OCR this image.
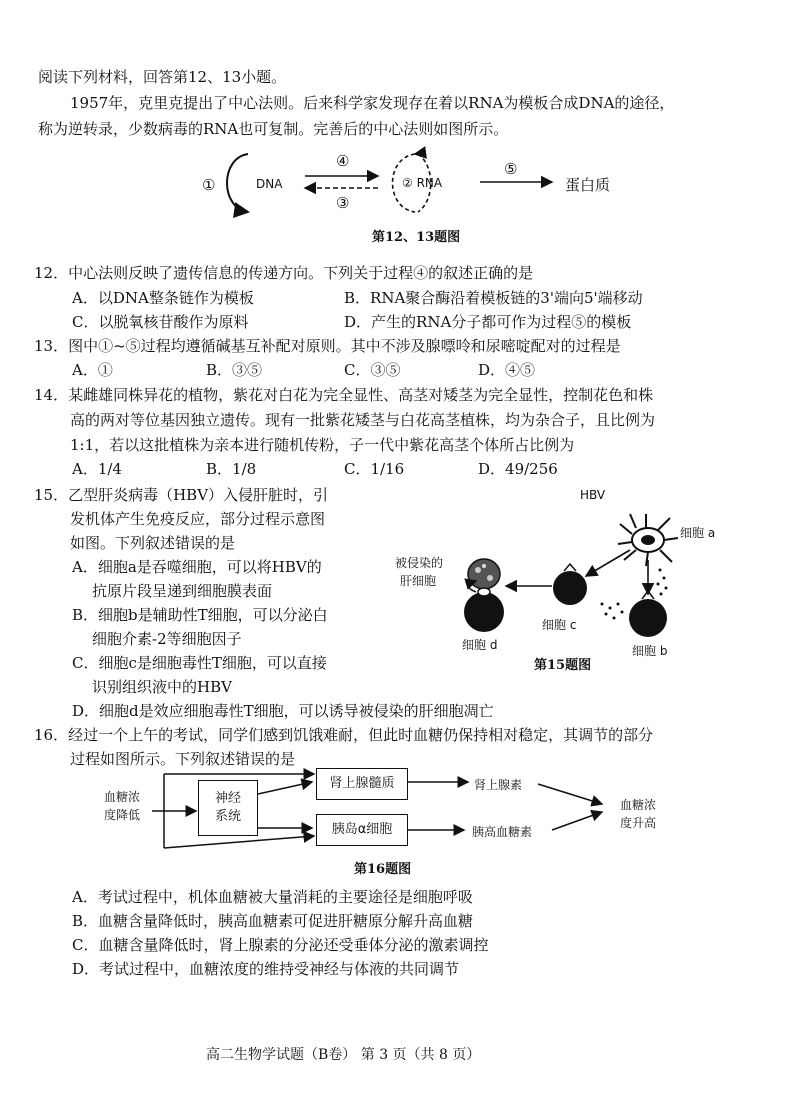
阅读下列材料，回答第12、13小题。
1957年，克里克提出了中心法则。后来科学家发现存在着以RNA为模板合成DNA的途径，
称为逆转录，少数病毒的RNA也可复制。完善后的中心法则如图所示。
①	DNA
④
③
② RNA
⑤
蛋白质
第12、13题图
12．中心法则反映了遗传信息的传递方向。下列关于过程④的叙述正确的是
A．以DNA整条链作为模板	B．RNA聚合酶沿着模板链的3'端向5'端移动
C．以脱氧核苷酸作为原料	D．产生的RNA分子都可作为过程⑤的模板
13．图中①~⑤过程均遵循碱基互补配对原则。其中不涉及腺嘌呤和尿嘧啶配对的过程是
A．①	B．③⑤	C．③⑤	D．④⑤
14．某雌雄同株异花的植物，紫花对白花为完全显性、高茎对矮茎为完全显性，控制花色和株
高的两对等位基因独立遗传。现有一批紫花矮茎与白花高茎植株，均为杂合子，且比例为
1:1，若以这批植株为亲本进行随机传粉，子一代中紫花高茎个体所占比例为
A．1/4	B．1/8	C．1/16	D．49/256
15．乙型肝炎病毒（HBV）入侵肝脏时，引
发机体产生免疫反应，部分过程示意图
如图。下列叙述错误的是
A．细胞a是吞噬细胞，可以将HBV的
抗原片段呈递到细胞膜表面
B．细胞b是辅助性T细胞，可以分泌白
细胞介素-2等细胞因子
C．细胞c是细胞毒性T细胞，可以直接
识别组织液中的HBV
D．细胞d是效应细胞毒性T细胞，可以诱导被侵染的肝细胞凋亡
HBV
细胞 a
被侵染的
肝细胞
细胞 c
细胞 d	细胞 b
第15题图
16．经过一个上午的考试，同学们感到饥饿难耐，但此时血糖仍保持相对稳定，其调节的部分
过程如图所示。下列叙述错误的是
血糖浓
度降低
神经
系统
肾上腺髓质
胰岛α细胞
肾上腺素
胰高血糖素
血糖浓
度升高
第16题图
A．考试过程中，机体血糖被大量消耗的主要途径是细胞呼吸
B．血糖含量降低时，胰高血糖素可促进肝糖原分解升高血糖
C．血糖含量降低时，肾上腺素的分泌还受垂体分泌的激素调控
D．考试过程中，血糖浓度的维持受神经与体液的共同调节
高二生物学试题（B卷） 第 3 页（共 8 页）
